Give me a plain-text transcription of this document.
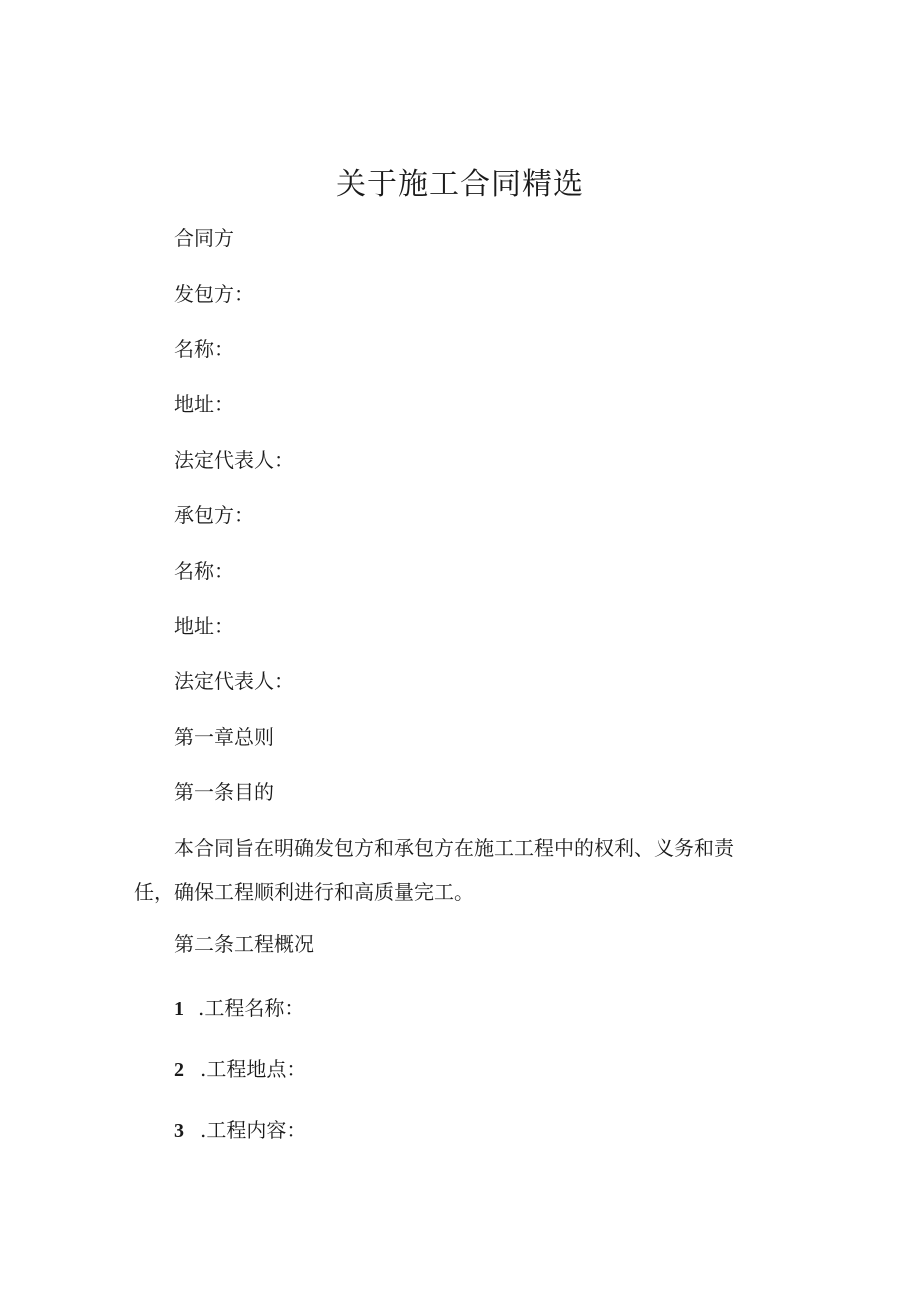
关于施工合同精选
合同方
发包方：
名称：
地址：
法定代表人：
承包方：
名称：
地址：
法定代表人：
第一章总则
第一条目的
本合同旨在明确发包方和承包方在施工工程中的权利、义务和责任，确保工程顺利进行和高质量完工。
第二条工程概况
1 .工程名称：
2 .工程地点：
3 .工程内容：
